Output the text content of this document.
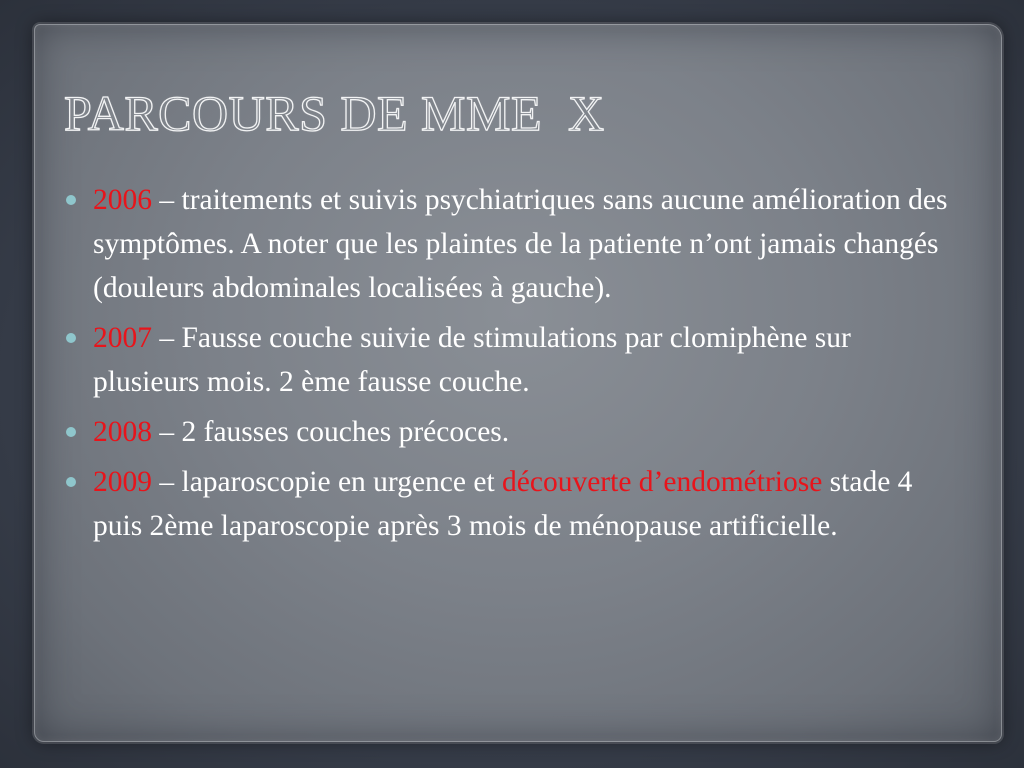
PARCOURS DE MME  X
2006 – traitements et suivis psychiatriques sans aucune amélioration des symptômes. A noter que les plaintes de la patiente n’ont jamais changés (douleurs abdominales localisées à gauche).
2007 – Fausse couche suivie de stimulations par clomiphène sur plusieurs mois. 2 ème fausse couche.
2008 – 2 fausses couches précoces.
2009 – laparoscopie en urgence et découverte d’endométriose stade 4 puis 2ème laparoscopie après 3 mois de ménopause artificielle.
